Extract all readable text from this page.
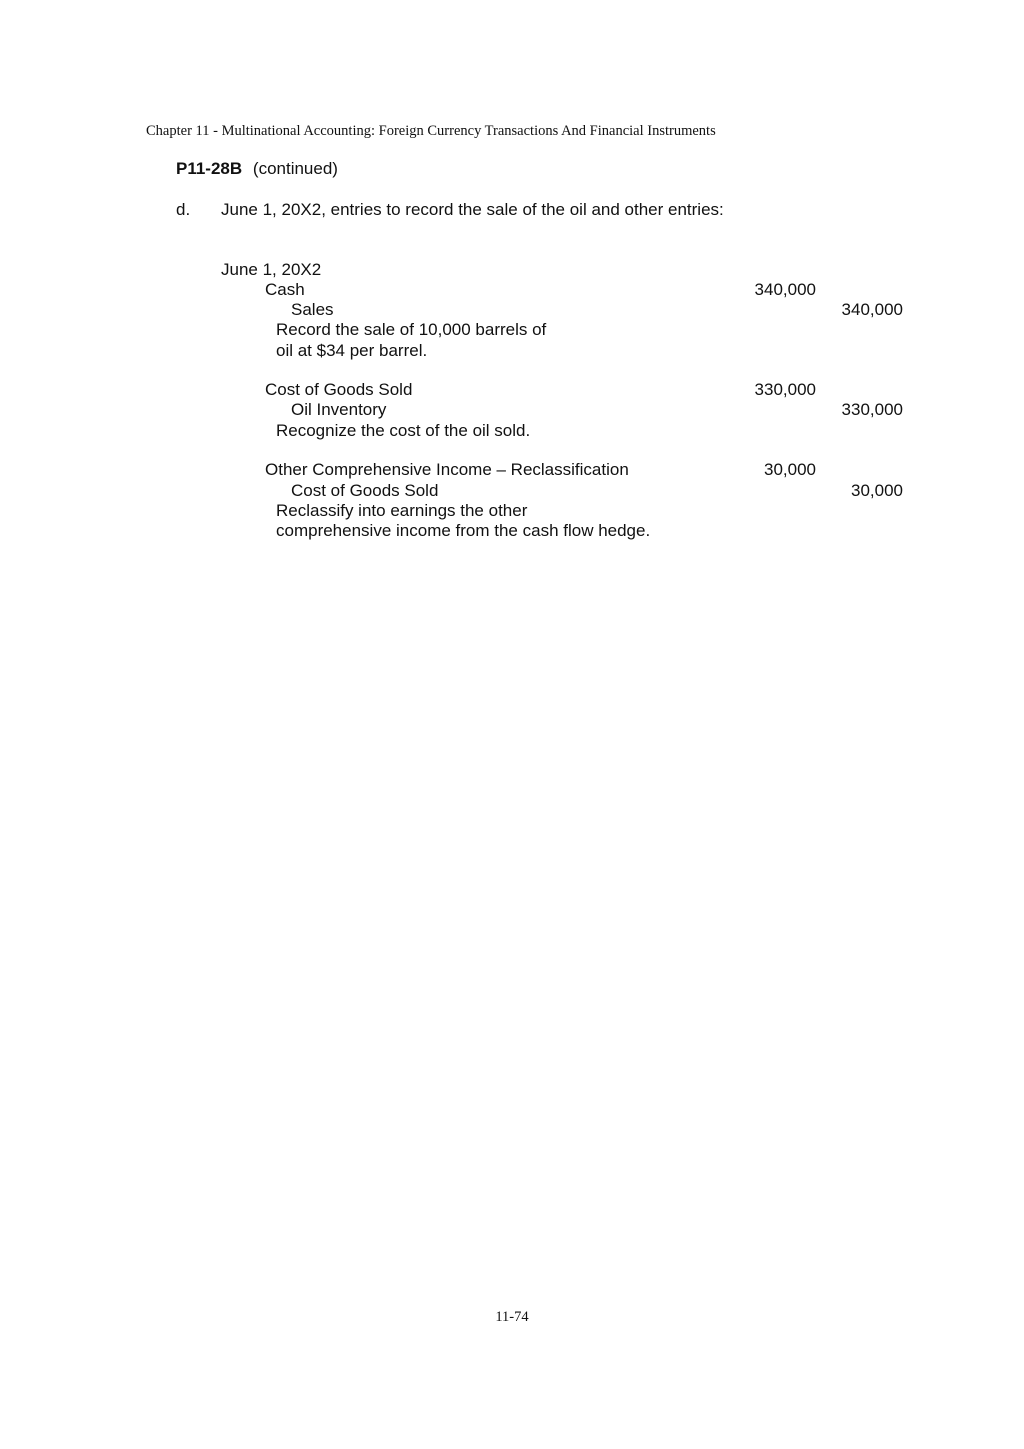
Chapter 11 - Multinational Accounting: Foreign Currency Transactions And Financial Instruments
P11-28B (continued)
d. June 1, 20X2, entries to record the sale of the oil and other entries:
June 1, 20X2
Cash	340,000
Sales	340,000
Record the sale of 10,000 barrels of
oil at $34 per barrel.
Cost of Goods Sold	330,000
Oil Inventory	330,000
Recognize the cost of the oil sold.
Other Comprehensive Income – Reclassification	30,000
Cost of Goods Sold	30,000
Reclassify into earnings the other
comprehensive income from the cash flow hedge.
11-74
